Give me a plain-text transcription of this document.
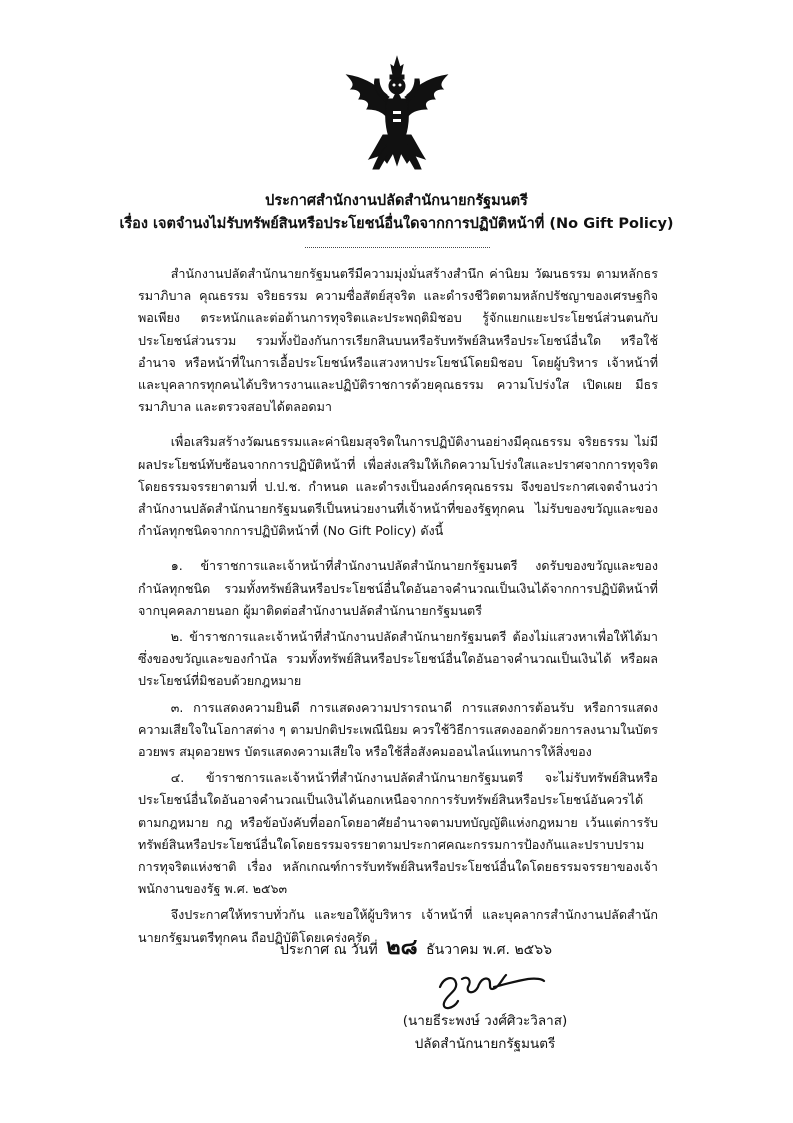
ประกาศสำนักงานปลัดสำนักนายกรัฐมนตรี
เรื่อง เจตจำนงไม่รับทรัพย์สินหรือประโยชน์อื่นใดจากการปฏิบัติหน้าที่ (No Gift Policy)

สำนักงานปลัดสำนักนายกรัฐมนตรีมีความมุ่งมั่นสร้างสำนึก ค่านิยม วัฒนธรรม ตามหลักธรรมาภิบาล คุณธรรม จริยธรรม ความซื่อสัตย์สุจริต และดำรงชีวิตตามหลักปรัชญาของเศรษฐกิจพอเพียง ตระหนักและต่อต้านการทุจริตและประพฤติมิชอบ รู้จักแยกแยะประโยชน์ส่วนตนกับประโยชน์ส่วนรวม รวมทั้งป้องกันการเรียกสินบนหรือรับทรัพย์สินหรือประโยชน์อื่นใด หรือใช้อำนาจ หรือหน้าที่ในการเอื้อประโยชน์หรือแสวงหาประโยชน์โดยมิชอบ โดยผู้บริหาร เจ้าหน้าที่และบุคลากรทุกคนได้บริหารงานและปฏิบัติราชการด้วยคุณธรรม ความโปร่งใส เปิดเผย มีธรรมาภิบาล และตรวจสอบได้ตลอดมา

เพื่อเสริมสร้างวัฒนธรรมและค่านิยมสุจริตในการปฏิบัติงานอย่างมีคุณธรรม จริยธรรม ไม่มีผลประโยชน์ทับซ้อนจากการปฏิบัติหน้าที่ เพื่อส่งเสริมให้เกิดความโปร่งใสและปราศจากการทุจริต โดยธรรมจรรยาตามที่ ป.ป.ช. กำหนด และดำรงเป็นองค์กรคุณธรรม จึงขอประกาศเจตจำนงว่า สำนักงานปลัดสำนักนายกรัฐมนตรีเป็นหน่วยงานที่เจ้าหน้าที่ของรัฐทุกคน ไม่รับของขวัญและของกำนัลทุกชนิดจากการปฏิบัติหน้าที่ (No Gift Policy) ดังนี้

๑. ข้าราชการและเจ้าหน้าที่สำนักงานปลัดสำนักนายกรัฐมนตรี งดรับของขวัญและของกำนัลทุกชนิด รวมทั้งทรัพย์สินหรือประโยชน์อื่นใดอันอาจคำนวณเป็นเงินได้จากการปฏิบัติหน้าที่ จากบุคคลภายนอก ผู้มาติดต่อสำนักงานปลัดสำนักนายกรัฐมนตรี

๒. ข้าราชการและเจ้าหน้าที่สำนักงานปลัดสำนักนายกรัฐมนตรี ต้องไม่แสวงหาเพื่อให้ได้มาซึ่งของขวัญและของกำนัล รวมทั้งทรัพย์สินหรือประโยชน์อื่นใดอันอาจคำนวณเป็นเงินได้ หรือผลประโยชน์ที่มิชอบด้วยกฎหมาย

๓. การแสดงความยินดี การแสดงความปรารถนาดี การแสดงการต้อนรับ หรือการแสดงความเสียใจในโอกาสต่าง ๆ ตามปกติประเพณีนิยม ควรใช้วิธีการแสดงออกด้วยการลงนามในบัตรอวยพร สมุดอวยพร บัตรแสดงความเสียใจ หรือใช้สื่อสังคมออนไลน์แทนการให้สิ่งของ

๔. ข้าราชการและเจ้าหน้าที่สำนักงานปลัดสำนักนายกรัฐมนตรี จะไม่รับทรัพย์สินหรือประโยชน์อื่นใดอันอาจคำนวณเป็นเงินได้นอกเหนือจากการรับทรัพย์สินหรือประโยชน์อันควรได้ตามกฎหมาย กฎ หรือข้อบังคับที่ออกโดยอาศัยอำนาจตามบทบัญญัติแห่งกฎหมาย เว้นแต่การรับทรัพย์สินหรือประโยชน์อื่นใดโดยธรรมจรรยาตามประกาศคณะกรรมการป้องกันและปราบปรามการทุจริตแห่งชาติ เรื่อง หลักเกณฑ์การรับทรัพย์สินหรือประโยชน์อื่นใดโดยธรรมจรรยาของเจ้าพนักงานของรัฐ พ.ศ. ๒๕๖๓

จึงประกาศให้ทราบทั่วกัน และขอให้ผู้บริหาร เจ้าหน้าที่ และบุคลากรสำนักงานปลัดสำนักนายกรัฐมนตรีทุกคน ถือปฏิบัติโดยเคร่งครัด

ประกาศ ณ วันที่ ๒๘ ธันวาคม พ.ศ. ๒๕๖๖
(นายธีระพงษ์ วงศ์ศิวะวิลาส)
ปลัดสำนักนายกรัฐมนตรี
